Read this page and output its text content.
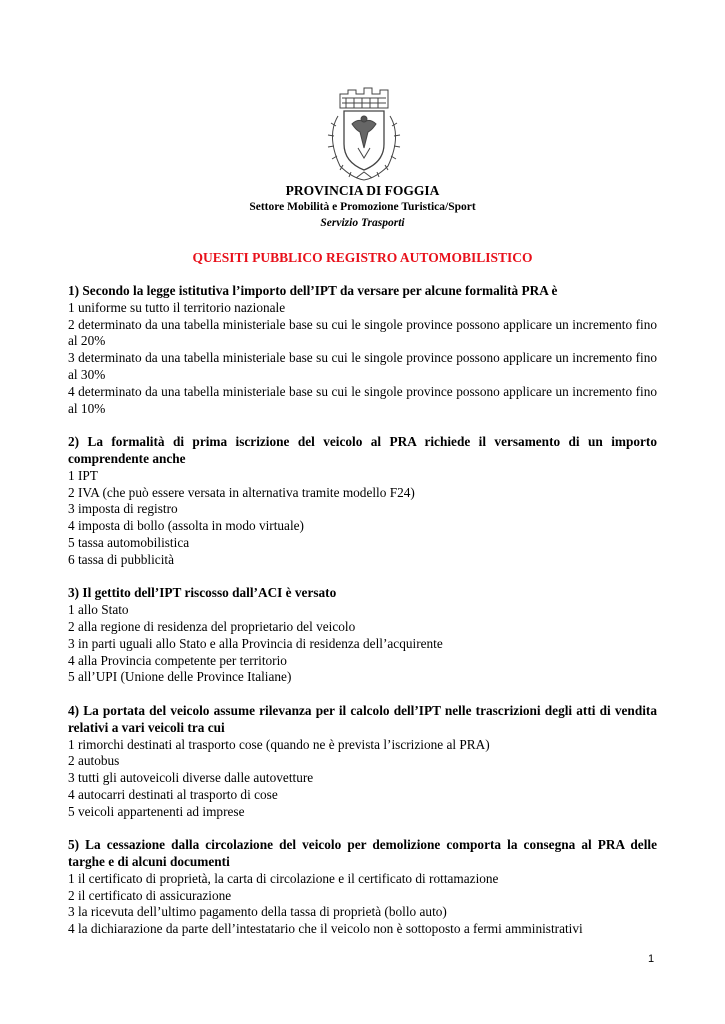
PROVINCIA DI FOGGIA
Settore Mobilità e Promozione Turistica/Sport
Servizio Trasporti
QUESITI PUBBLICO REGISTRO AUTOMOBILISTICO
1) Secondo la legge istitutiva l’importo dell’IPT da versare per alcune formalità PRA è
1 uniforme su tutto il territorio nazionale
2 determinato da una tabella ministeriale base su cui le singole province possono applicare un incremento fino al 20%
3 determinato da una tabella ministeriale base su cui le singole province possono applicare un incremento fino al 30%
4 determinato da una tabella ministeriale base su cui le singole province possono applicare un incremento fino al 10%
2) La formalità di prima iscrizione del veicolo al PRA richiede il versamento di un importo comprendente anche
1 IPT
2 IVA (che può essere versata in alternativa tramite modello F24)
3 imposta di registro
4 imposta di bollo (assolta in modo virtuale)
5 tassa automobilistica
6 tassa di pubblicità
3) Il gettito dell’IPT riscosso dall’ACI è versato
1 allo Stato
2 alla regione di residenza del proprietario del veicolo
3 in parti uguali allo Stato e alla Provincia di residenza dell’acquirente
4 alla Provincia competente per territorio
5 all’UPI (Unione delle Province Italiane)
4) La portata del veicolo assume rilevanza per il calcolo dell’IPT nelle trascrizioni degli atti di vendita relativi a vari veicoli tra cui
1 rimorchi destinati al trasporto cose (quando ne è prevista l’iscrizione al PRA)
2 autobus
3 tutti gli autoveicoli diverse dalle autovetture
4 autocarri destinati al trasporto di cose
5 veicoli appartenenti ad imprese
5) La cessazione dalla circolazione del veicolo per demolizione comporta la consegna al PRA delle targhe e di alcuni documenti
1 il certificato di proprietà, la carta di circolazione e il certificato di rottamazione
2 il certificato di assicurazione
3 la ricevuta dell’ultimo pagamento della tassa di proprietà (bollo auto)
4 la dichiarazione da parte dell’intestatario che il veicolo non è sottoposto a fermi amministrativi
1
